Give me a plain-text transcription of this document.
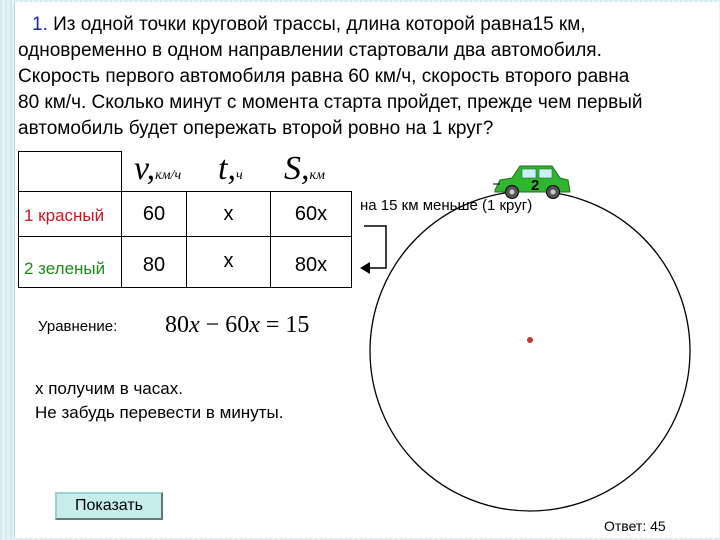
1. Из одной точки круговой трассы, длина которой равна15 км,
одновременно в одном направлении стартовали два автомобиля.
Скорость первого автомобиля равна 60 км/ч, скорость второго равна
80 км/ч. Сколько минут с момента старта пройдет, прежде чем первый
автомобиль будет опережать второй ровно на 1 круг?
v,км/ч t,ч S,км
1 красный	60	x	60x
2 зеленый	80	x	80x
2
на 15 км меньше (1 круг)
Уравнение: 80x − 60x = 15
х получим в часах.
Не забудь перевести в минуты.
Показать
Ответ: 45
